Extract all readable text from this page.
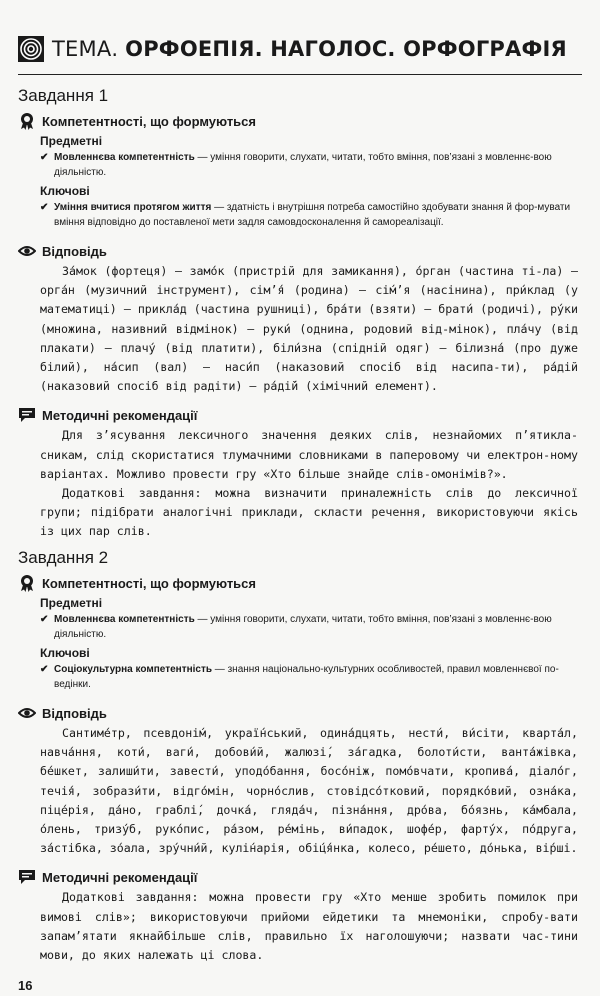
ТЕМА. ОРФОЕПІЯ. НАГОЛОС. ОРФОГРАФІЯ
Завдання 1
Компетентності, що формуються
Предметні
✔ Мовленнєва компетентність — уміння говорити, слухати, читати, тобто вміння, пов’язані з мовленнє-вою діяльністю.
Ключові
✔ Уміння вчитися протягом життя — здатність і внутрішня потреба самостійно здобувати знання й фор-мувати вміння відповідно до поставленої мети задля самовдосконалення й самореалізації.
Відповідь

За́мок (фортеця) — замо́к (пристрій для замикання), о́рган (частина ті-ла) — орга́н (музичний інструмент), сім’я́ (родина) — сі́м’я (насінина), при́клад (у математиці) — прикла́д (частина рушниці), бра́ти (взяти) — брати́ (родичі), ру́ки (множина, називний відмінок) — руки́ (однина, родовий від-мінок), пла́чу (від плакати) — плачу́ (від платити), біли́зна (спідній одяг) — білизна́ (про дуже білий), на́сип (вал) — наси́п (наказовий спосіб від насипа-ти), ра́дій (наказовий спосіб від радіти) — ра́ді́й (хімічний елемент).

Методичні рекомендації

Для з’ясування лексичного значення деяких слів, незнайомих п’ятикла-сникам, слід скористатися тлумачними словниками в паперовому чи електрон-ному варіантах. Можливо провести гру «Хто більше знайде слів-омонімів?».

Додаткові завдання: можна визначити приналежність слів до лексичної групи; підібрати аналогічні приклади, скласти речення, використовуючи якісь із цих пар слів.

Завдання 2
Компетентності, що формуються
Предметні
✔ Мовленнєва компетентність — уміння говорити, слухати, читати, тобто вміння, пов’язані з мовленнє-вою діяльністю.
Ключові
✔ Соціокультурна компетентність — знання національно-культурних особливостей, правил мовленнєвої по-ведінки.
Відповідь

Сантиме́тр, псевдоні́м, украї́нський, одина́дцять, нести́, ви́сіти, кварта́л, навча́ння, коти́, ваги́, добови́й, жалюзі́, за́гадка, болоти́сти, ванта́жівка, бе́шкет, залиши́ти, завести́, уподо́бання, босо́ніж, помо́вчати, кропива́, діало́г, течія́, зобрази́ти, відго́мін, чорно́слив, стовідсо́тковий, порядко́вий, озна́ка, піце́рія, да́но, граблі́, дочка́, гляда́ч, пізна́ння, дро́ва, бо́язнь, ка́мбала, о́лень, тризу́б, руко́пис, ра́зом, ре́мінь, ви́падок, шофе́р, фарту́х, по́друга, за́стібка, зо́ала, зру́чни́й, кулі́нарія, обі́ця́нка, колесо, ре́шето, до́нька, ві́рші.

Методичні рекомендації

Додаткові завдання: можна провести гру «Хто менше зробить помилок при вимові слів»; використовуючи прийоми ейдетики та мнемоніки, спробу-вати запам’ятати якнайбільше слів, правильно їх наголошуючи; назвати час-тини мови, до яких належать ці слова.

16
